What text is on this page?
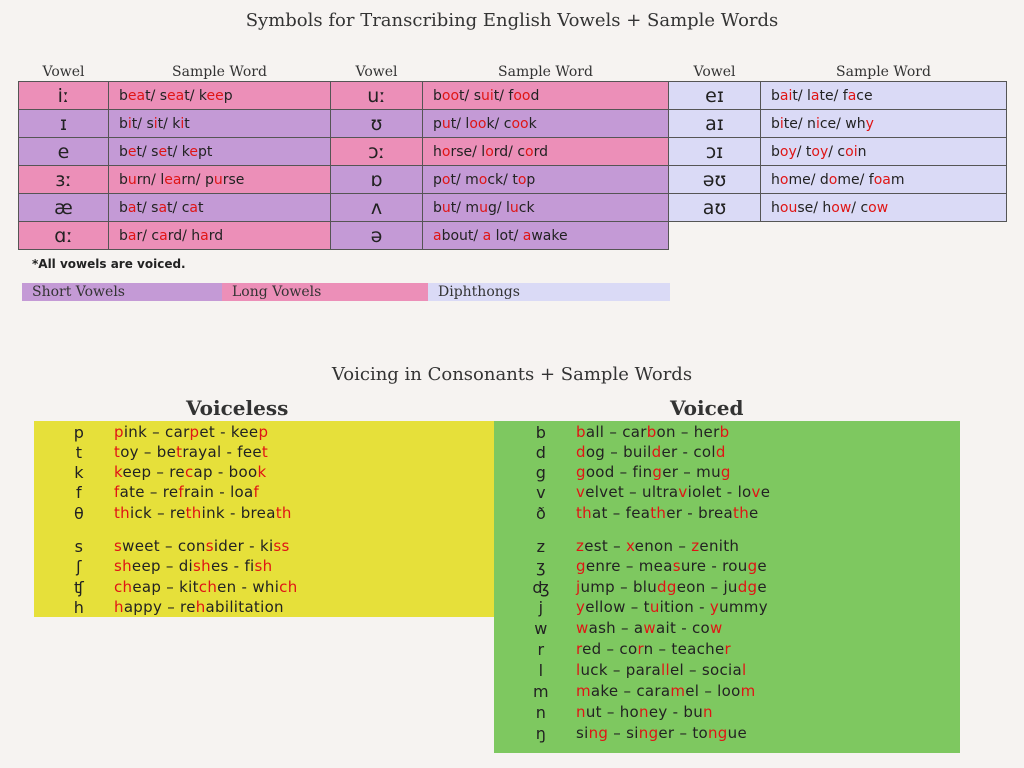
Symbols for Transcribing English Vowels + Sample Words
Vowel	Sample Word	Vowel	Sample Word	Vowel	Sample Word
iː	beat/ seat/ keep	uː	boot/ suit/ food	eɪ	bait/ late/ face
ɪ	bit/ sit/ kit	ʊ	put/ look/ cook	aɪ	bite/ nice/ why
e	bet/ set/ kept	ɔː	horse/ lord/ cord	ɔɪ	boy/ toy/ coin
ɜː	burn/ learn/ purse	ɒ	pot/ mock/ top	əʊ	home/ dome/ foam
æ	bat/ sat/ cat	ʌ	but/ mug/ luck	aʊ	house/ how/ cow
ɑː	bar/ card/ hard	ə	about/ a lot/ awake		
*All vowels are voiced.
Short Vowels	Long Vowels	Diphthongs
Voicing in Consonants + Sample Words
Voiceless	Voiced
p	pink – carpet - keep
t	toy – betrayal - feet
k	keep – recap - book
f	fate – refrain - loaf
θ	thick – rethink - breath
s	sweet – consider - kiss
ʃ	sheep – dishes - fish
ʧ	cheap – kitchen - which
h	happy – rehabilitation
b	ball – carbon – herb
d	dog – builder - cold
g	good – finger – mug
v	velvet – ultraviolet - love
ð	that – feather - breathe
z	zest – xenon – zenith
ʒ	genre – measure - rouge
ʤ	jump – bludgeon – judge
j	yellow – tuition - yummy
w	wash – await - cow
r	red – corn – teacher
l	luck – parallel – social
m	make – caramel – loom
n	nut – honey - bun
ŋ	sing – singer – tongue
